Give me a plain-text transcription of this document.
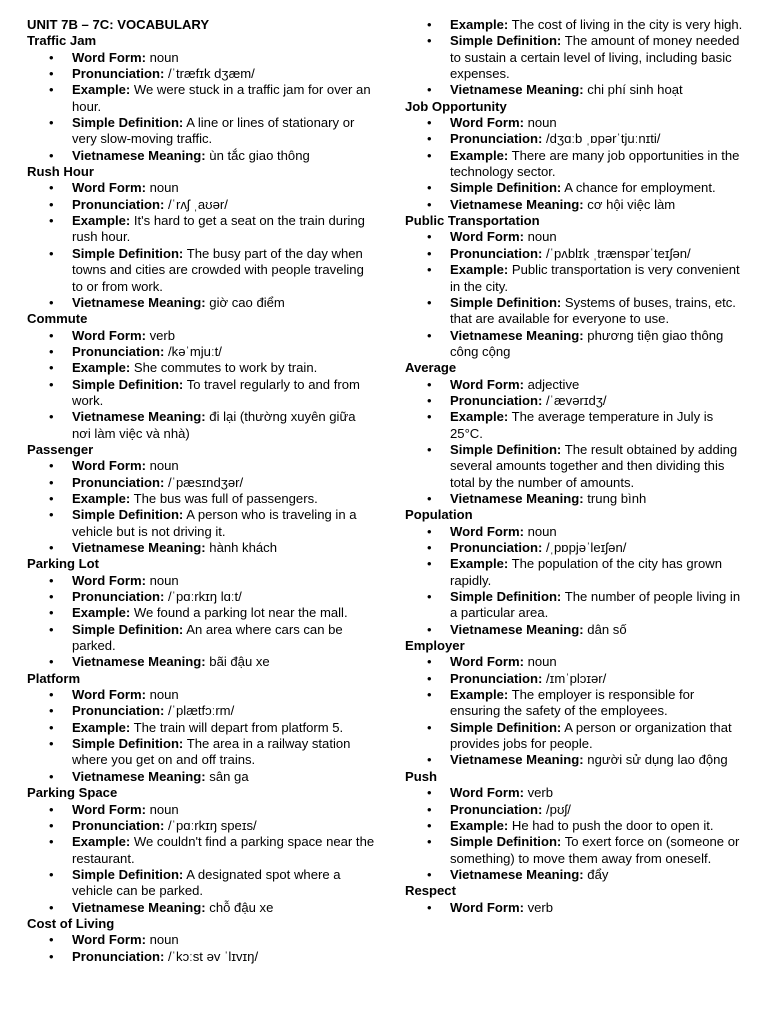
UNIT 7B – 7C: VOCABULARY
Traffic Jam
• Word Form: noun
• Pronunciation: /ˈtræfɪk dʒæm/
• Example: We were stuck in a traffic jam for over an hour.
• Simple Definition: A line or lines of stationary or very slow-moving traffic.
• Vietnamese Meaning: ùn tắc giao thông
Rush Hour
• Word Form: noun
• Pronunciation: /ˈrʌʃ ˌaʊər/
• Example: It's hard to get a seat on the train during rush hour.
• Simple Definition: The busy part of the day when towns and cities are crowded with people traveling to or from work.
• Vietnamese Meaning: giờ cao điểm
Commute
• Word Form: verb
• Pronunciation: /kəˈmjuːt/
• Example: She commutes to work by train.
• Simple Definition: To travel regularly to and from work.
• Vietnamese Meaning: đi lại (thường xuyên giữa nơi làm việc và nhà)
Passenger
• Word Form: noun
• Pronunciation: /ˈpæsɪndʒər/
• Example: The bus was full of passengers.
• Simple Definition: A person who is traveling in a vehicle but is not driving it.
• Vietnamese Meaning: hành khách
Parking Lot
• Word Form: noun
• Pronunciation: /ˈpɑːrkɪŋ lɑːt/
• Example: We found a parking lot near the mall.
• Simple Definition: An area where cars can be parked.
• Vietnamese Meaning: bãi đậu xe
Platform
• Word Form: noun
• Pronunciation: /ˈplætfɔːrm/
• Example: The train will depart from platform 5.
• Simple Definition: The area in a railway station where you get on and off trains.
• Vietnamese Meaning: sân ga
Parking Space
• Word Form: noun
• Pronunciation: /ˈpɑːrkɪŋ speɪs/
• Example: We couldn't find a parking space near the restaurant.
• Simple Definition: A designated spot where a vehicle can be parked.
• Vietnamese Meaning: chỗ đậu xe
Cost of Living
• Word Form: noun
• Pronunciation: /ˈkɔːst əv ˈlɪvɪŋ/
• Example: The cost of living in the city is very high.
• Simple Definition: The amount of money needed to sustain a certain level of living, including basic expenses.
• Vietnamese Meaning: chi phí sinh hoạt
Job Opportunity
• Word Form: noun
• Pronunciation: /dʒɑːb ˌɒpərˈtjuːnɪti/
• Example: There are many job opportunities in the technology sector.
• Simple Definition: A chance for employment.
• Vietnamese Meaning: cơ hội việc làm
Public Transportation
• Word Form: noun
• Pronunciation: /ˈpʌblɪk ˌtrænspərˈteɪʃən/
• Example: Public transportation is very convenient in the city.
• Simple Definition: Systems of buses, trains, etc. that are available for everyone to use.
• Vietnamese Meaning: phương tiện giao thông công cộng
Average
• Word Form: adjective
• Pronunciation: /ˈævərɪdʒ/
• Example: The average temperature in July is 25°C.
• Simple Definition: The result obtained by adding several amounts together and then dividing this total by the number of amounts.
• Vietnamese Meaning: trung bình
Population
• Word Form: noun
• Pronunciation: /ˌpɒpjəˈleɪʃən/
• Example: The population of the city has grown rapidly.
• Simple Definition: The number of people living in a particular area.
• Vietnamese Meaning: dân số
Employer
• Word Form: noun
• Pronunciation: /ɪmˈplɔɪər/
• Example: The employer is responsible for ensuring the safety of the employees.
• Simple Definition: A person or organization that provides jobs for people.
• Vietnamese Meaning: người sử dụng lao động
Push
• Word Form: verb
• Pronunciation: /pʊʃ/
• Example: He had to push the door to open it.
• Simple Definition: To exert force on (someone or something) to move them away from oneself.
• Vietnamese Meaning: đẩy
Respect
• Word Form: verb
